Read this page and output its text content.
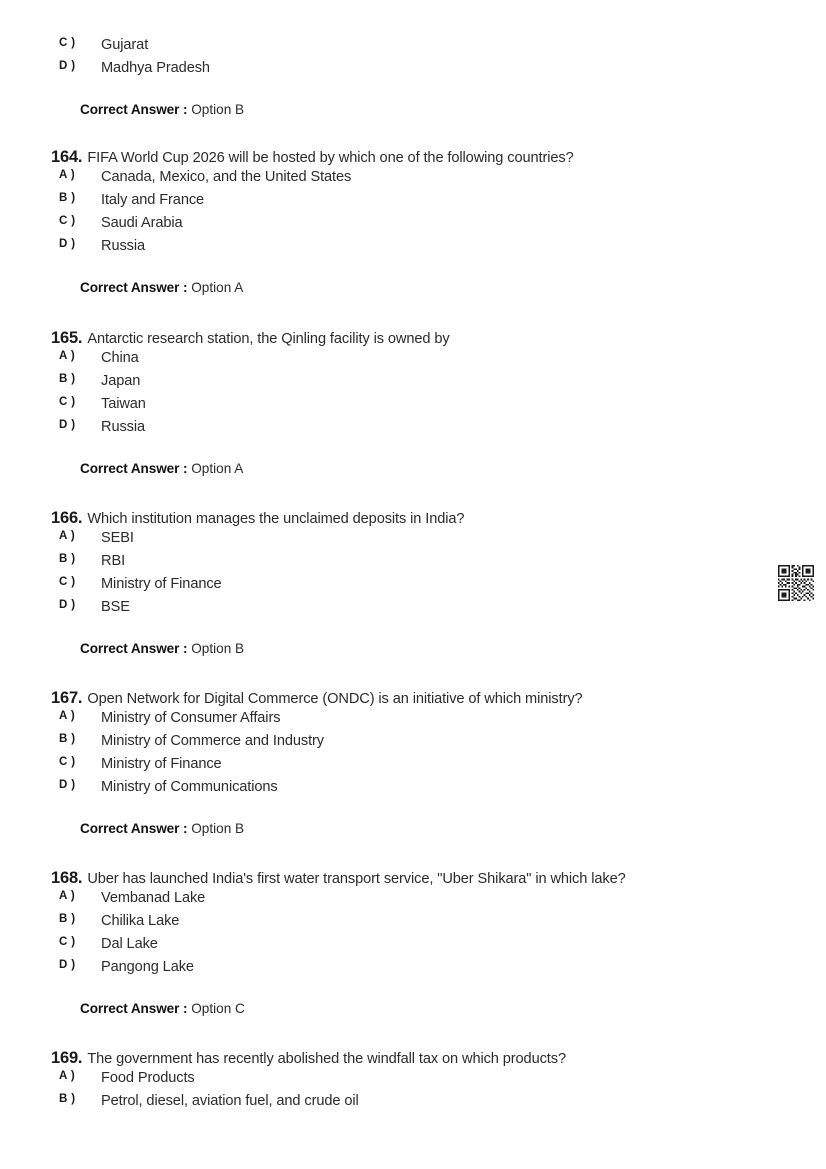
C ) Gujarat
D ) Madhya Pradesh
Correct Answer : Option B
164. FIFA World Cup 2026 will be hosted by which one of the following countries?
A ) Canada, Mexico, and the United States
B ) Italy and France
C ) Saudi Arabia
D ) Russia
Correct Answer : Option A
165. Antarctic research station, the Qinling facility is owned by
A ) China
B ) Japan
C ) Taiwan
D ) Russia
Correct Answer : Option A
166. Which institution manages the unclaimed deposits in India?
A ) SEBI
B ) RBI
C ) Ministry of Finance
D ) BSE
Correct Answer : Option B
167. Open Network for Digital Commerce (ONDC) is an initiative of which ministry?
A ) Ministry of Consumer Affairs
B ) Ministry of Commerce and Industry
C ) Ministry of Finance
D ) Ministry of Communications
Correct Answer : Option B
168. Uber has launched India's first water transport service, "Uber Shikara" in which lake?
A ) Vembanad Lake
B ) Chilika Lake
C ) Dal Lake
D ) Pangong Lake
Correct Answer : Option C
169. The government has recently abolished the windfall tax on which products?
A ) Food Products
B ) Petrol, diesel, aviation fuel, and crude oil
